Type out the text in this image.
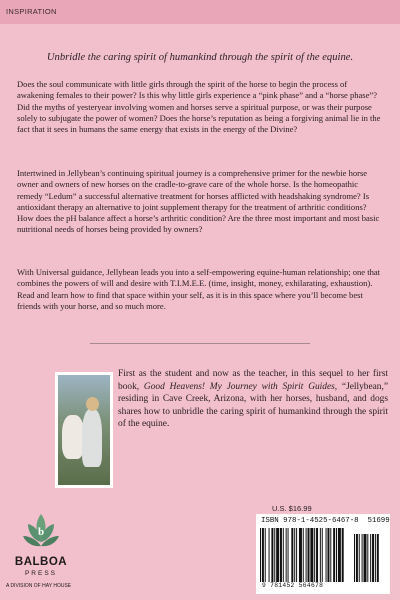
INSPIRATION
Unbridle the caring spirit of humankind through the spirit of the equine.

Does the soul communicate with little girls through the spirit of the horse to begin the process of awakening females to their power? Is this why little girls experience a “pink phase” and a “horse phase”? Did the myths of yesteryear involving women and horses serve a spiritual purpose, or was their purpose solely to subjugate the power of women? Does the horse’s reputation as being a forgiving animal lie in the fact that it sees in humans the same energy that exists in the energy of the Divine?

Intertwined in Jellybean’s continuing spiritual journey is a comprehensive primer for the newbie horse owner and owners of new horses on the cradle-to-grave care of the whole horse. Is the homeopathic remedy “Ledum” a successful alternative treatment for horses afflicted with headshaking syndrome? Is antioxidant therapy an alternative to joint supplement therapy for the treatment of arthritic conditions? How does the pH balance affect a horse’s arthritic condition? Are the three most important and most basic nutritional needs of horses being provided by owners?

With Universal guidance, Jellybean leads you into a self-empowering equine-human relationship; one that combines the powers of will and desire with T.I.M.E.E. (time, insight, money, exhilarating, exhaustion). Read and learn how to find that space within your self, as it is in this space where you’ll become best friends with your horse, and so much more.

First as the student and now as the teacher, in this sequel to her first book, Good Heavens! My Journey with Spirit Guides, “Jellybean,” residing in Cave Creek, Arizona, with her horses, husband, and dogs shares how to unbridle the caring spirit of humankind through the spirit of the equine.

b
BALBOA
PRESS
A DIVISION OF HAY HOUSE
U.S. $16.99
ISBN 978-1-4525-6467-8 51699
9 781452 564678
